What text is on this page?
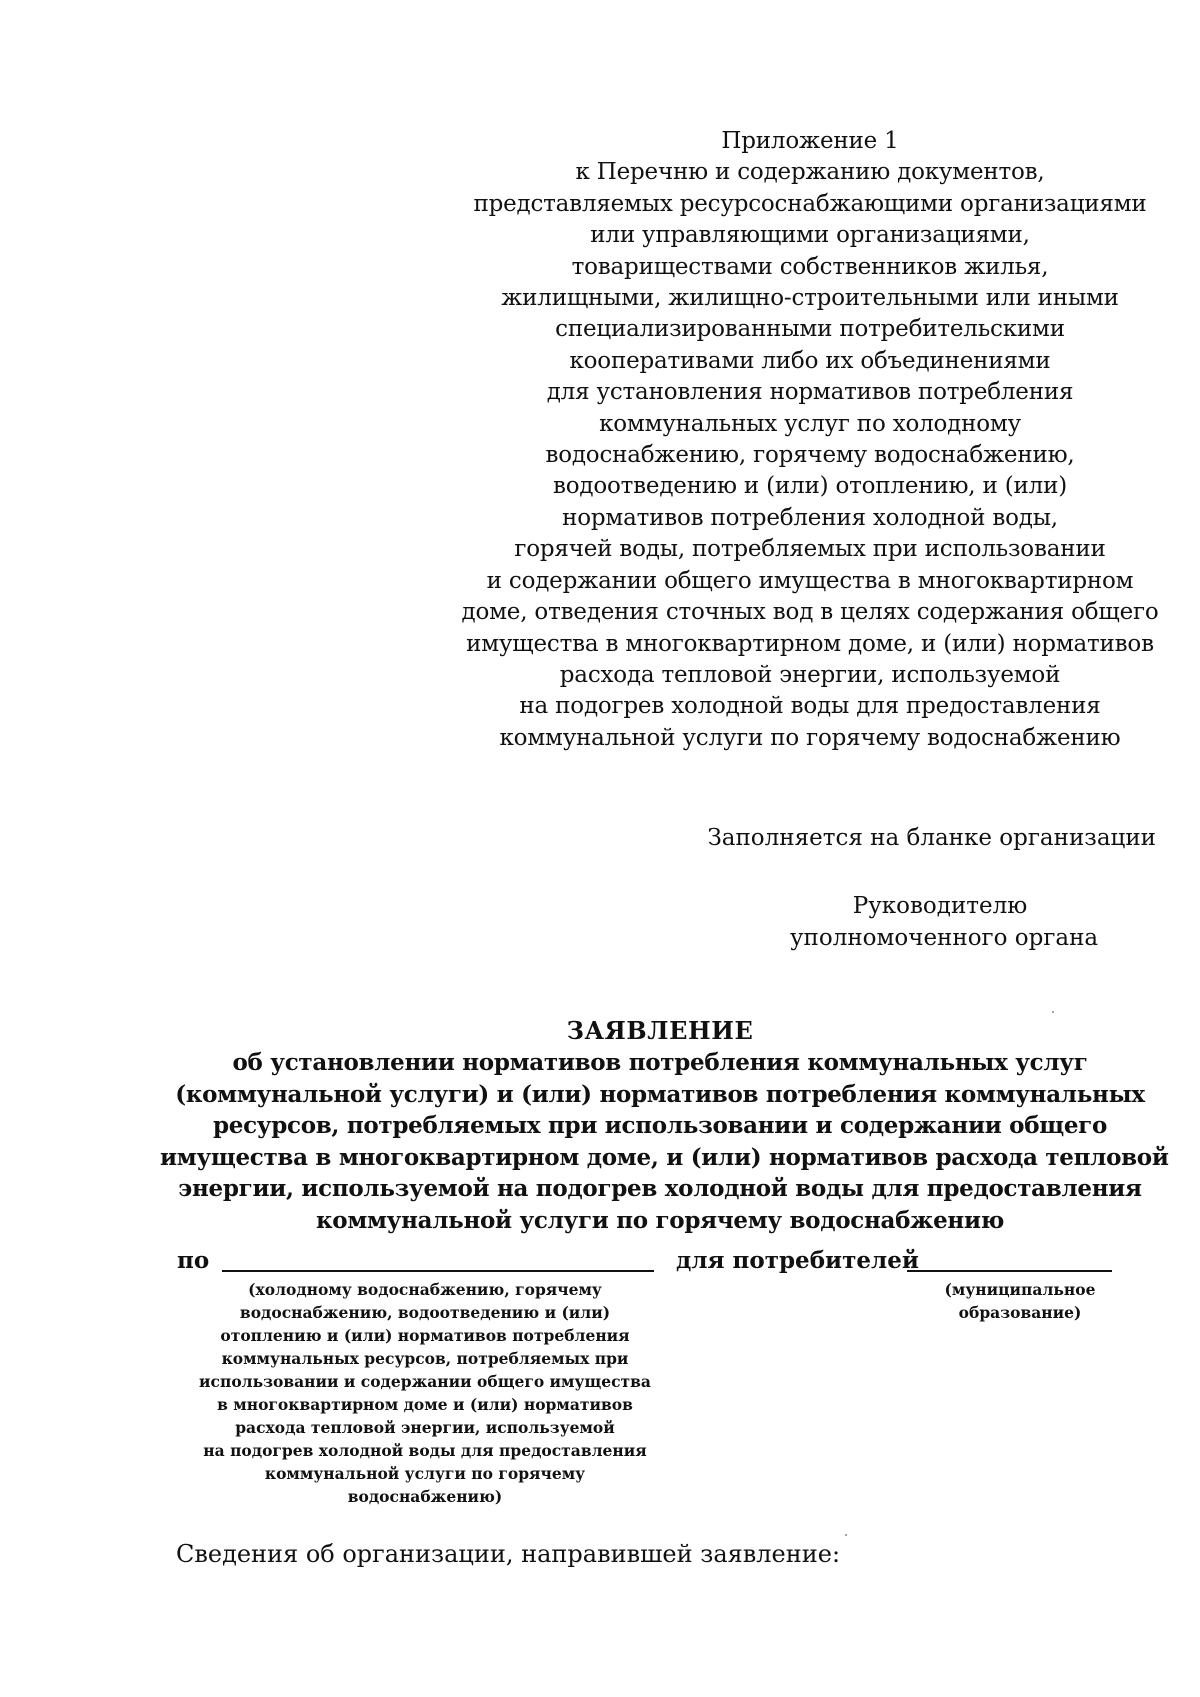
Приложение 1
к Перечню и содержанию документов,
представляемых ресурсоснабжающими организациями
или управляющими организациями,
товариществами собственников жилья,
жилищными, жилищно-строительными или иными
специализированными потребительскими
кооперативами либо их объединениями
для установления нормативов потребления
коммунальных услуг по холодному
водоснабжению, горячему водоснабжению,
водоотведению и (или) отоплению, и (или)
нормативов потребления холодной воды,
горячей воды, потребляемых при использовании
и содержании общего имущества в многоквартирном
доме, отведения сточных вод в целях содержания общего
имущества в многоквартирном доме, и (или) нормативов
расхода тепловой энергии, используемой
на подогрев холодной воды для предоставления
коммунальной услуги по горячему водоснабжению
Заполняется на бланке организации
Руководителю
уполномоченного органа
ЗАЯВЛЕНИЕ
об установлении нормативов потребления коммунальных услуг
(коммунальной услуги) и (или) нормативов потребления коммунальных
ресурсов, потребляемых при использовании и содержании общего
имущества в многоквартирном доме, и (или) нормативов расхода тепловой
энергии, используемой на подогрев холодной воды для предоставления
коммунальной услуги по горячему водоснабжению
по	для потребителей
(холодному водоснабжению, горячему
водоснабжению, водоотведению и (или)
отоплению и (или) нормативов потребления
коммунальных ресурсов, потребляемых при
использовании и содержании общего имущества
в многоквартирном доме и (или) нормативов
расхода тепловой энергии, используемой
на подогрев холодной воды для предоставления
коммунальной услуги по горячему
водоснабжению)
(муниципальное
образование)
Сведения об организации, направившей заявление:
